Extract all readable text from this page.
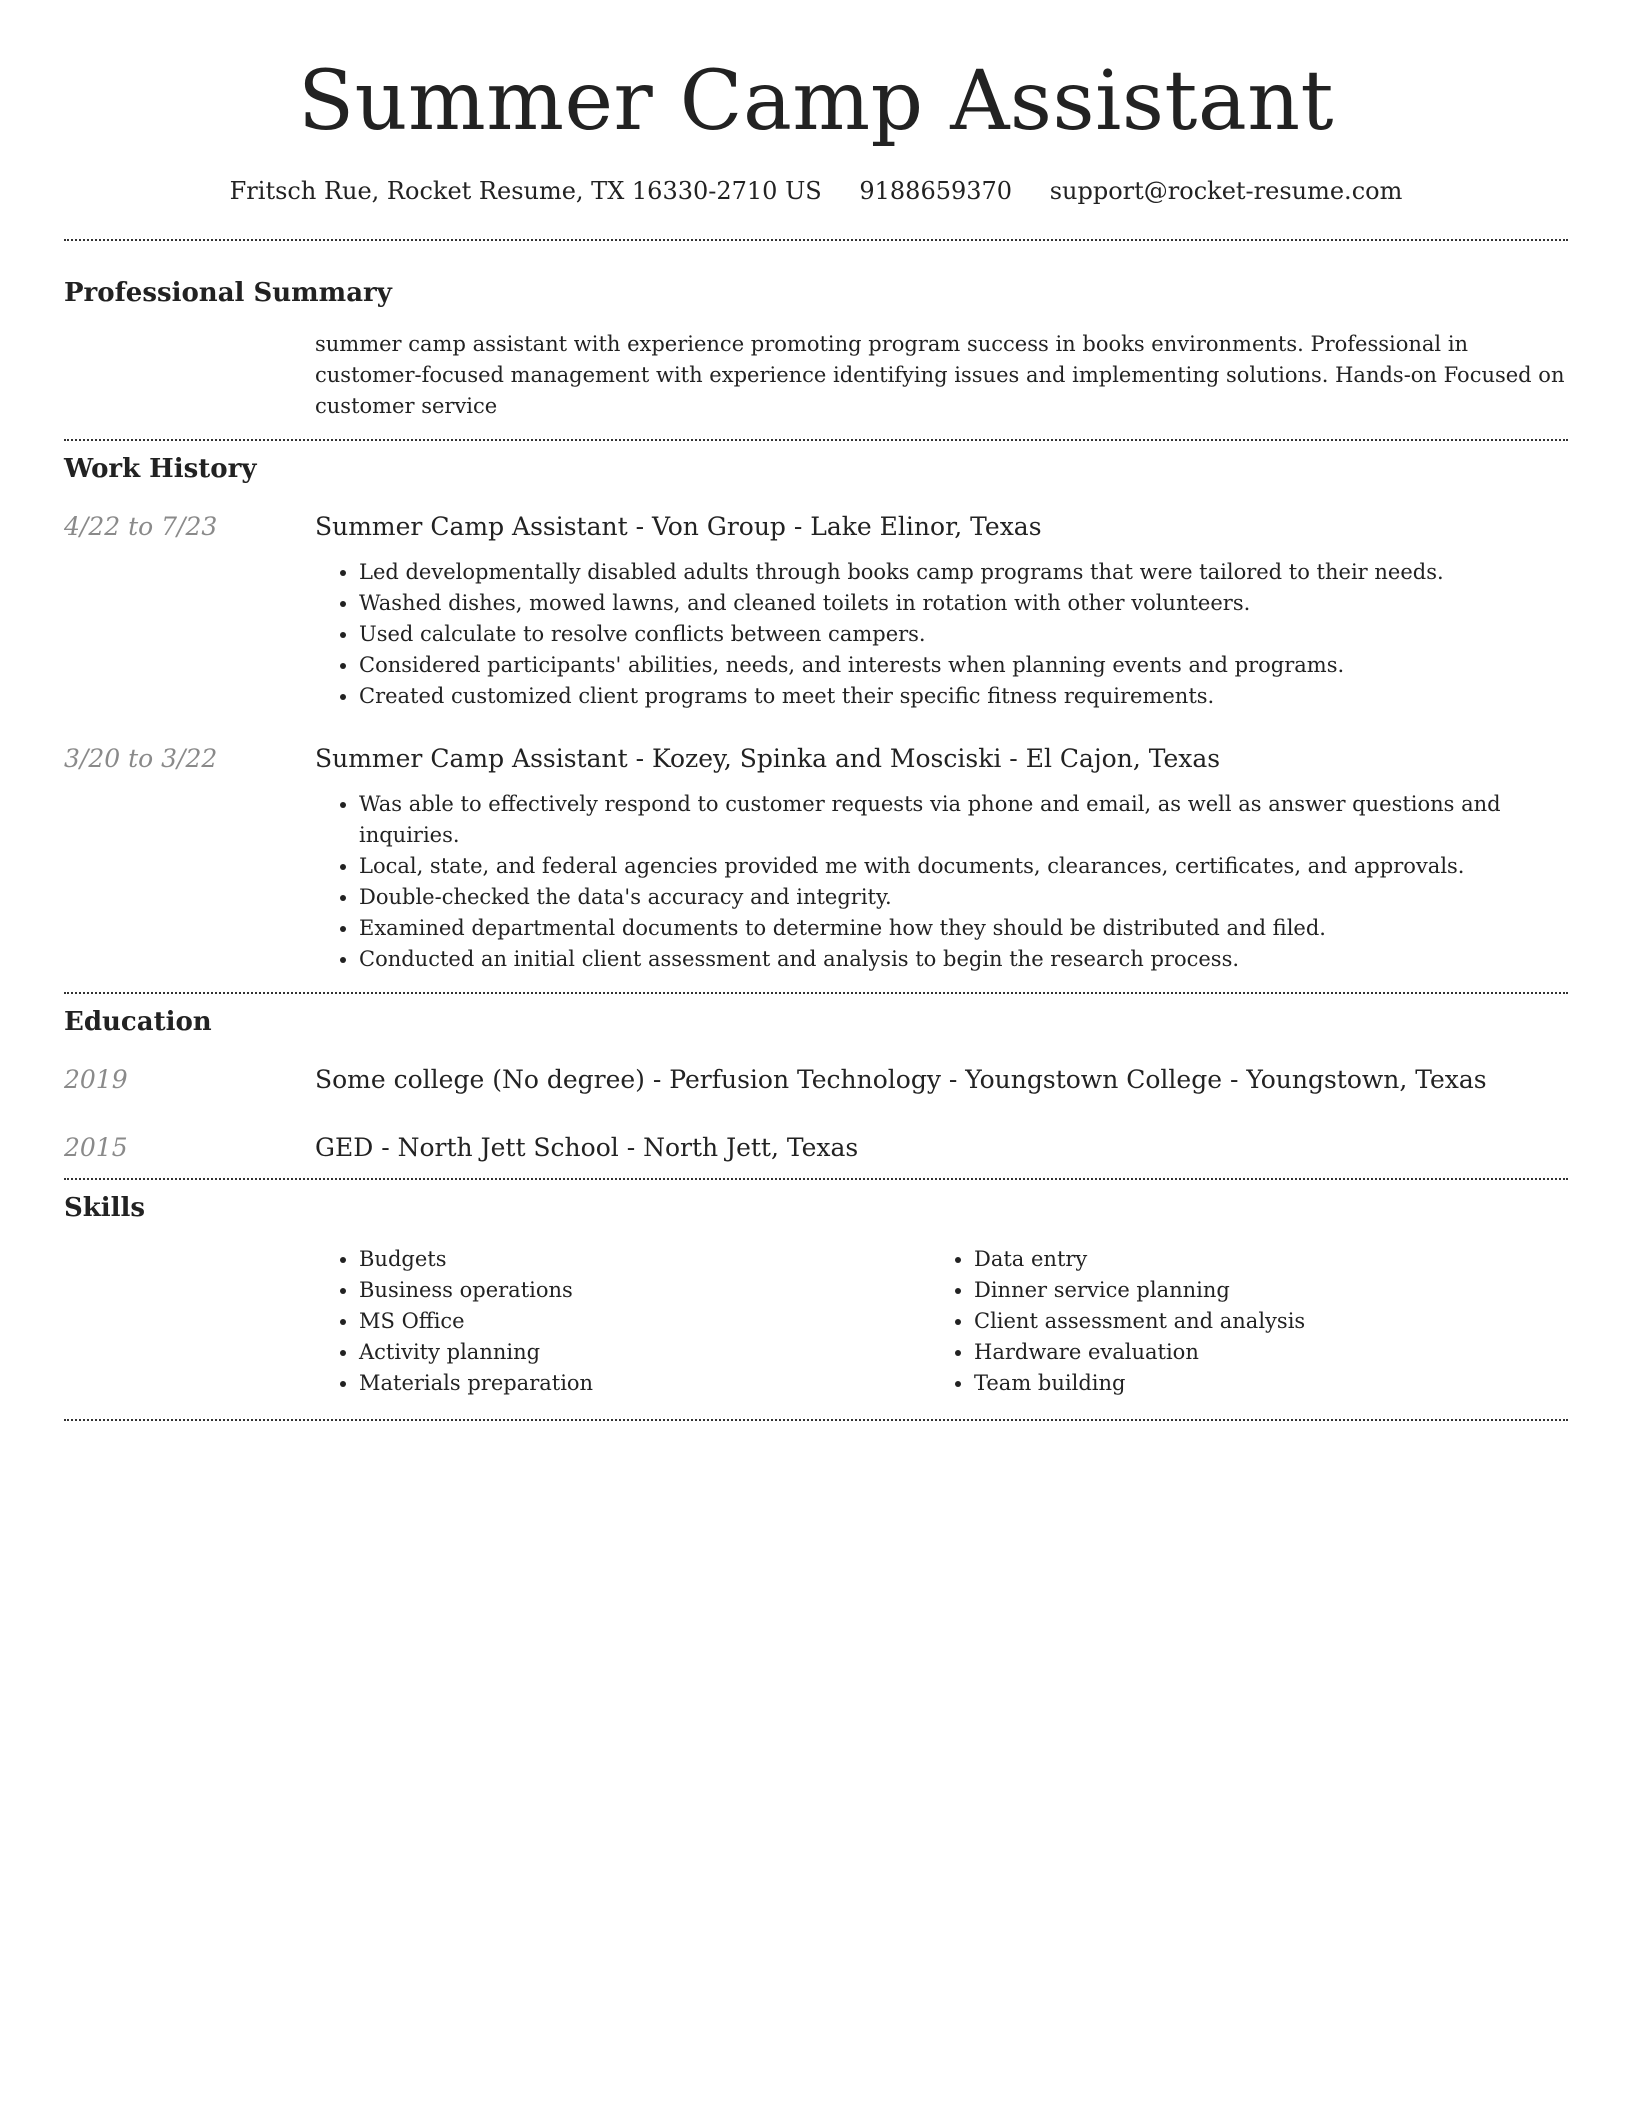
Summer Camp Assistant
Fritsch Rue, Rocket Resume, TX 16330-2710 US 9188659370 support@rocket-resume.com
Professional Summary
summer camp assistant with experience promoting program success in books environments. Professional in customer-focused management with experience identifying issues and implementing solutions. Hands-on Focused on customer service
Work History
4/22 to 7/23	Summer Camp Assistant - Von Group - Lake Elinor, Texas
• Led developmentally disabled adults through books camp programs that were tailored to their needs.
• Washed dishes, mowed lawns, and cleaned toilets in rotation with other volunteers.
• Used calculate to resolve conflicts between campers.
• Considered participants' abilities, needs, and interests when planning events and programs.
• Created customized client programs to meet their specific fitness requirements.
3/20 to 3/22	Summer Camp Assistant - Kozey, Spinka and Mosciski - El Cajon, Texas
• Was able to effectively respond to customer requests via phone and email, as well as answer questions and inquiries.
• Local, state, and federal agencies provided me with documents, clearances, certificates, and approvals.
• Double-checked the data's accuracy and integrity.
• Examined departmental documents to determine how they should be distributed and filed.
• Conducted an initial client assessment and analysis to begin the research process.
Education
2019	Some college (No degree) - Perfusion Technology - Youngstown College - Youngstown, Texas
2015	GED - North Jett School - North Jett, Texas
Skills
• Budgets
• Business operations
• MS Office
• Activity planning
• Materials preparation
• Data entry
• Dinner service planning
• Client assessment and analysis
• Hardware evaluation
• Team building
